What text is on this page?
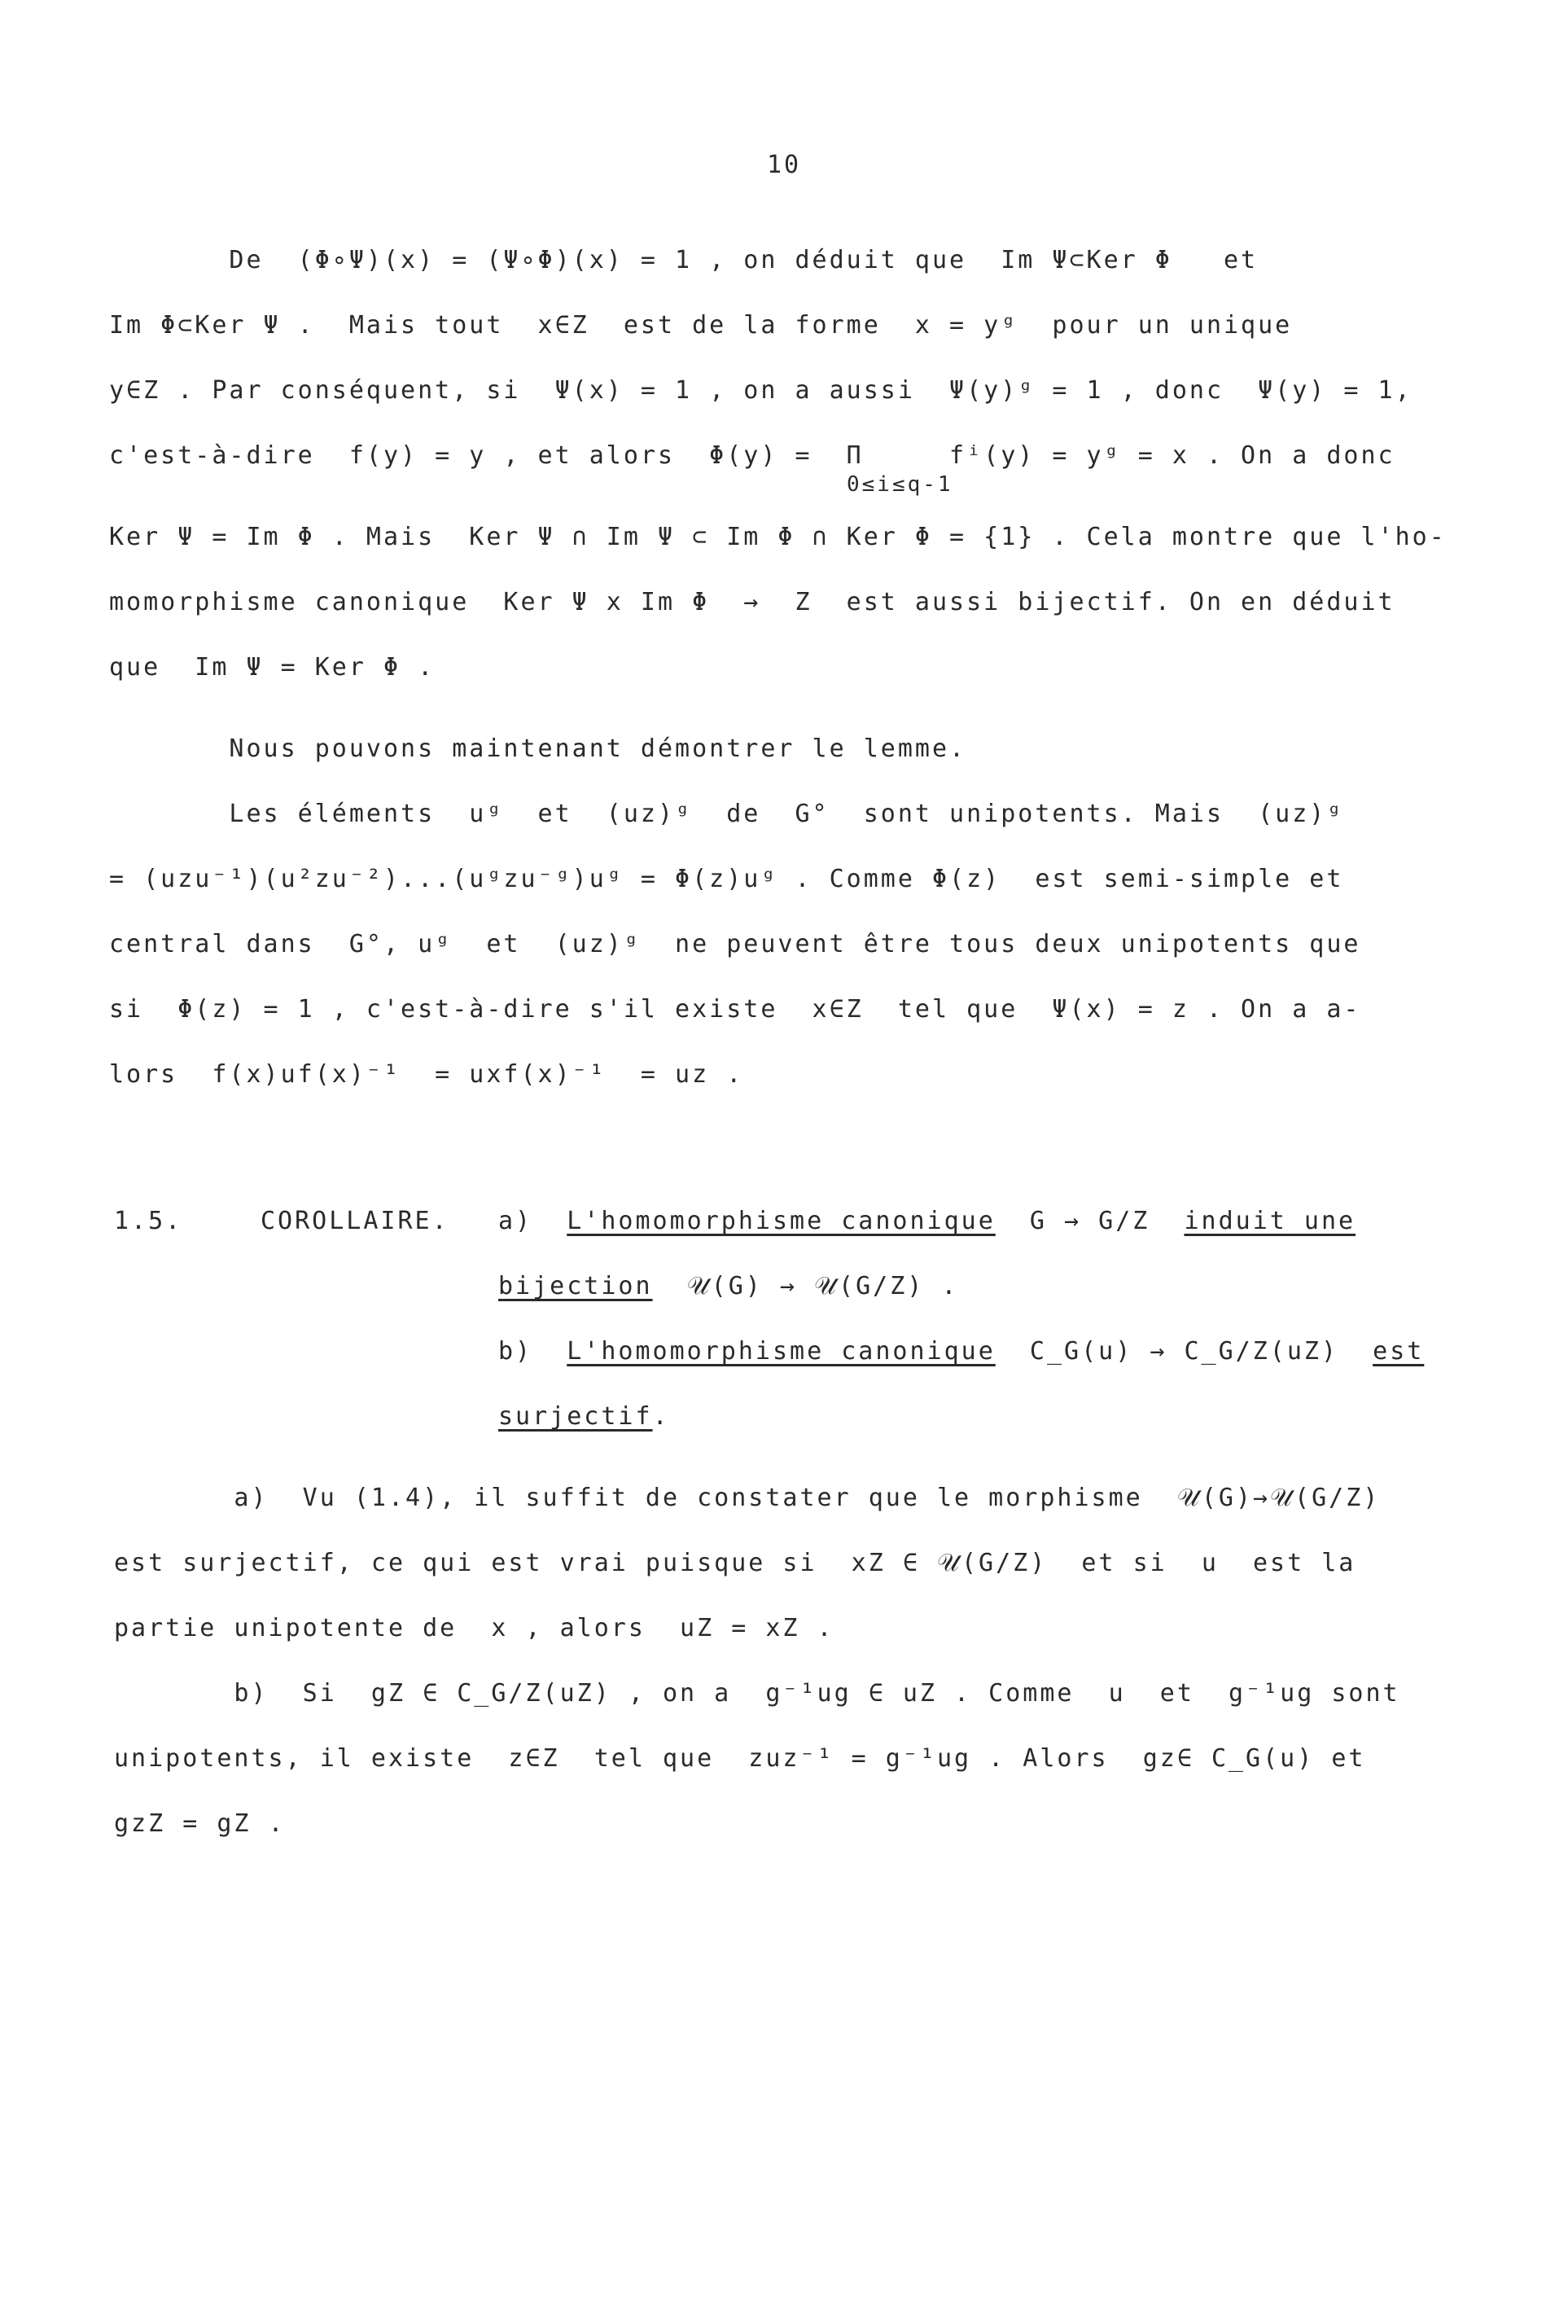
10
De  (Φ∘Ψ)(x) = (Ψ∘Φ)(x) = 1 , on déduit que  Im Ψ⊂Ker Φ   et
Im Φ⊂Ker Ψ .  Mais tout  x∈Z  est de la forme  x = yᵍ  pour un unique
y∈Z . Par conséquent, si  Ψ(x) = 1 , on a aussi  Ψ(y)ᵍ = 1 , donc  Ψ(y) = 1,
c'est-à-dire  f(y) = y , et alors  Φ(y) =  Π     fⁱ(y) = yᵍ = x . On a donc
0≤i≤q-1
Ker Ψ = Im Φ . Mais  Ker Ψ ∩ Im Ψ ⊂ Im Φ ∩ Ker Φ = {1} . Cela montre que l'ho-
momorphisme canonique  Ker Ψ x Im Φ  →  Z  est aussi bijectif. On en déduit
que  Im Ψ = Ker Φ .
Nous pouvons maintenant démontrer le lemme.
Les éléments  uᵍ  et  (uz)ᵍ  de  G°  sont unipotents. Mais  (uz)ᵍ
= (uzu⁻¹)(u²zu⁻²)...(uᵍzu⁻ᵍ)uᵍ = Φ(z)uᵍ . Comme Φ(z)  est semi-simple et
central dans  G°, uᵍ  et  (uz)ᵍ  ne peuvent être tous deux unipotents que
si  Φ(z) = 1 , c'est-à-dire s'il existe  x∈Z  tel que  Ψ(x) = z . On a a-
lors  f(x)uf(x)⁻¹  = uxf(x)⁻¹  = uz .
1.5.	COROLLAIRE. a) L'homomorphisme canonique G → G/Z induit une
bijection  𝒰(G) → 𝒰(G/Z) .
b) L'homomorphisme canonique C_G(u) → C_G/Z(uZ) est
surjectif.
a)  Vu (1.4), il suffit de constater que le morphisme  𝒰(G)→𝒰(G/Z)
est surjectif, ce qui est vrai puisque si  xZ ∈ 𝒰(G/Z)  et si  u  est la
partie unipotente de  x , alors  uZ = xZ .
b)  Si  gZ ∈ C_G/Z(uZ) , on a  g⁻¹ug ∈ uZ . Comme  u  et  g⁻¹ug sont
unipotents, il existe  z∈Z  tel que  zuz⁻¹ = g⁻¹ug . Alors  gz∈ C_G(u) et
gzZ = gZ .
